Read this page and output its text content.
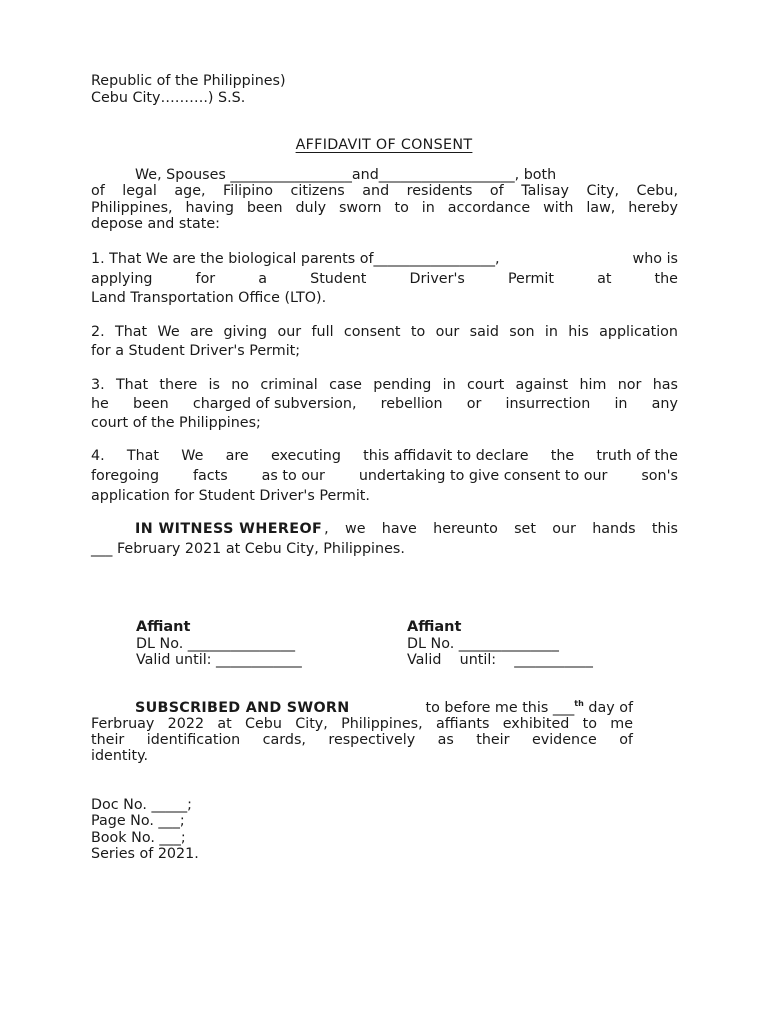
Republic of the Philippines)
Cebu City……….) S.S.
AFFIDAVIT OF CONSENT
We, Spouses _________________and___________________, both
of legal age, Filipino citizens and residents of Talisay City, Cebu,
Philippines, having been duly sworn to in accordance with law, hereby
depose and state:
1. That We are the biological parents of_________________,	who is
applying	for	a	Student	Driver's	Permit	at	the
Land Transportation Office (LTO).
2. That We are giving our full consent to our said son in his application
for a Student Driver's Permit;
3. That there is no criminal case pending in court against him nor has
he been charged of subversion, rebellion or insurrection in any
court of the Philippines;
4. That We are executing this affidavit to declare the truth of the
foregoing facts as to our undertaking to give consent to our son's
application for Student Driver's Permit.
IN WITNESS WHEREOF , we have hereunto set our hands this
___ February 2021 at Cebu City, Philippines.
Affiant
DL No. _______________
Valid until: ____________
Affiant
DL No. ______________
Valid    until:    ___________
SUBSCRIBED AND SWORN	to before me this ___$^{th}$ day of
Ferbruay 2022 at Cebu City, Philippines, affiants exhibited to me
their identification cards, respectively as their evidence of
identity.
Doc No. _____;
Page No. ___;
Book No. ___;
Series of 2021.
